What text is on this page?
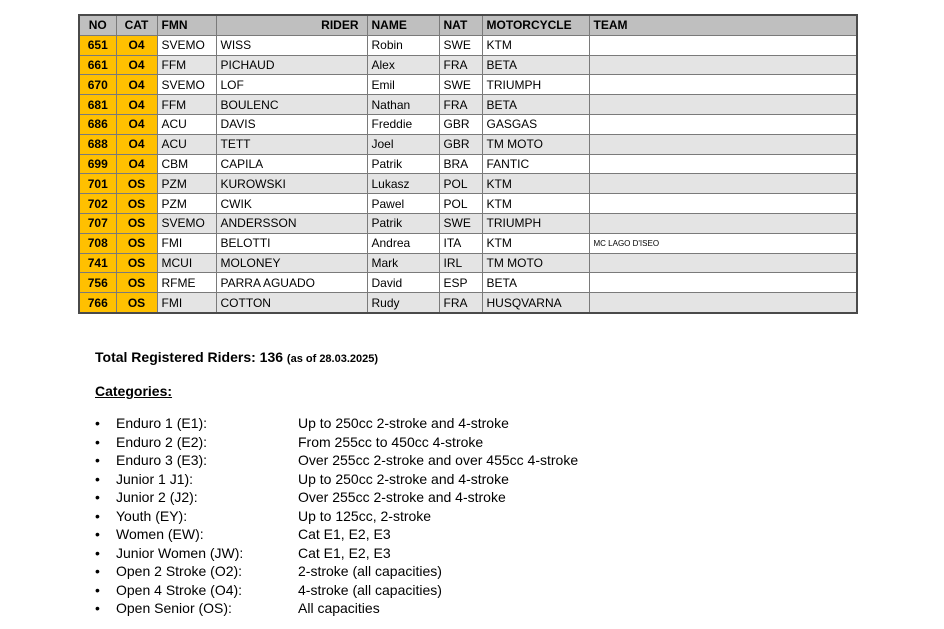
NO	CAT	FMN	RIDER	NAME	NAT	MOTORCYCLE	TEAM
651	O4	SVEMO	WISS	Robin	SWE	KTM	
661	O4	FFM	PICHAUD	Alex	FRA	BETA	
670	O4	SVEMO	LOF	Emil	SWE	TRIUMPH	
681	O4	FFM	BOULENC	Nathan	FRA	BETA	
686	O4	ACU	DAVIS	Freddie	GBR	GASGAS	
688	O4	ACU	TETT	Joel	GBR	TM MOTO	
699	O4	CBM	CAPILA	Patrik	BRA	FANTIC	
701	OS	PZM	KUROWSKI	Lukasz	POL	KTM	
702	OS	PZM	CWIK	Pawel	POL	KTM	
707	OS	SVEMO	ANDERSSON	Patrik	SWE	TRIUMPH	
708	OS	FMI	BELOTTI	Andrea	ITA	KTM	MC LAGO D'ISEO
741	OS	MCUI	MOLONEY	Mark	IRL	TM MOTO	
756	OS	RFME	PARRA AGUADO	David	ESP	BETA	
766	OS	FMI	COTTON	Rudy	FRA	HUSQVARNA	
Total Registered Riders: 136 (as of 28.03.2025)
Categories:
•	Enduro 1 (E1):	Up to 250cc 2-stroke and 4-stroke
•	Enduro 2 (E2):	From 255cc to 450cc 4-stroke
•	Enduro 3 (E3):	Over 255cc 2-stroke and over 455cc 4-stroke
•	Junior 1 J1):	Up to 250cc 2-stroke and 4-stroke
•	Junior 2 (J2):	Over 255cc 2-stroke and 4-stroke
•	Youth (EY):	Up to 125cc, 2-stroke
•	Women (EW):	Cat E1, E2, E3
•	Junior Women (JW):	Cat E1, E2, E3
•	Open 2 Stroke (O2):	2-stroke (all capacities)
•	Open 4 Stroke (O4):	4-stroke (all capacities)
•	Open Senior (OS):	All capacities
